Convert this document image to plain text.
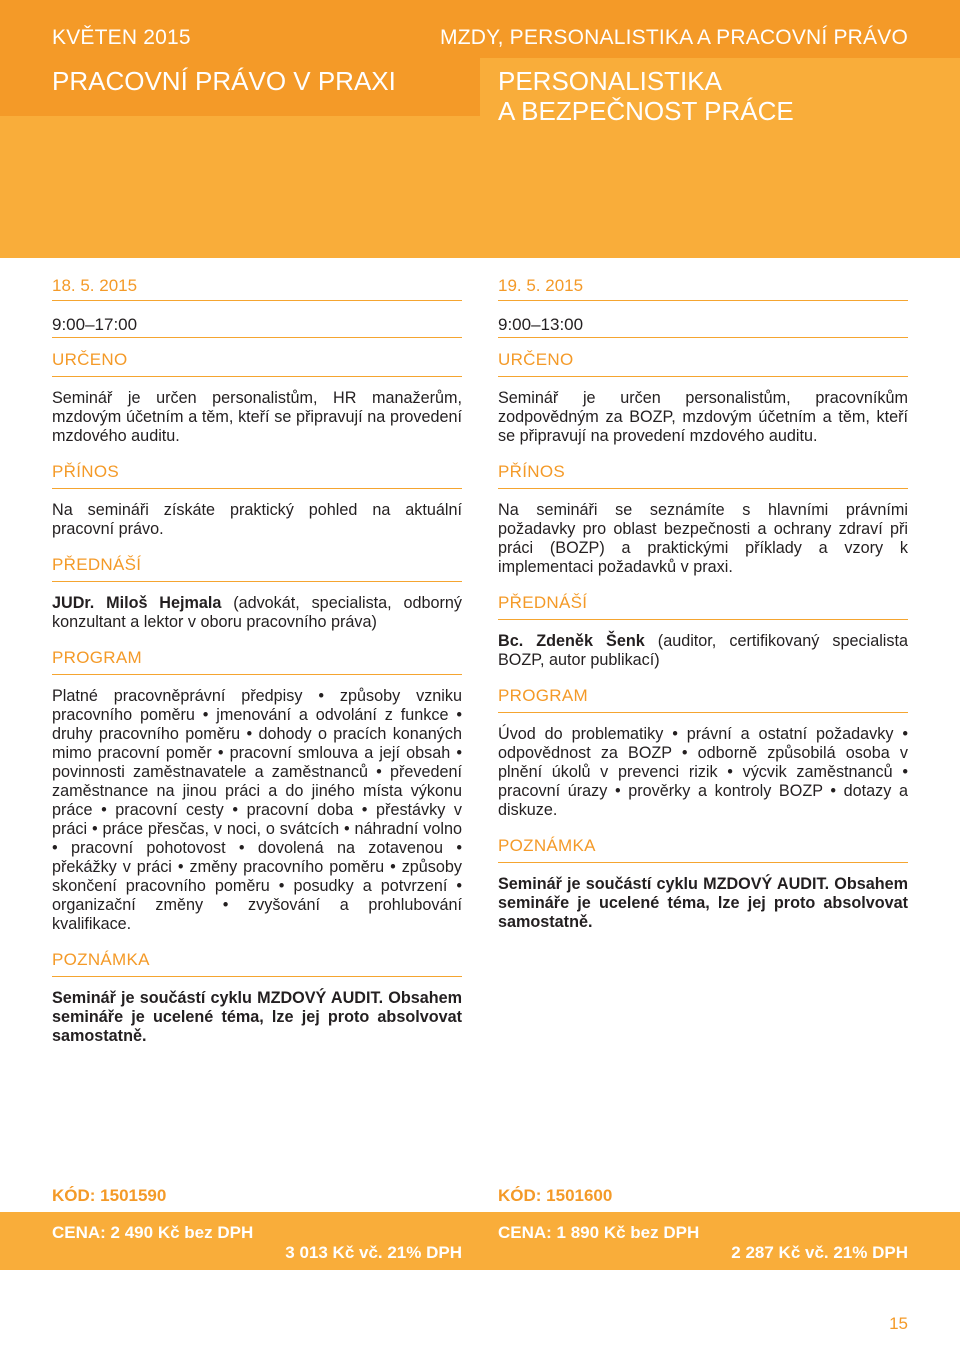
KVĚTEN 2015	MZDY, PERSONALISTIKA A PRACOVNÍ PRÁVO
PRACOVNÍ PRÁVO V PRAXI	PERSONALISTIKA
A BEZPEČNOST PRÁCE
18. 5. 2015
9:00–17:00
URČENO
Seminář je určen personalistům, HR manažerům, mzdovým účetním a těm, kteří se připravují na provedení mzdového auditu.
PŘÍNOS
Na semináři získáte praktický pohled na aktuální pracovní právo.
PŘEDNÁŠÍ
JUDr. Miloš Hejmala (advokát, specialista, odborný konzultant a lektor v oboru pracovního práva)
PROGRAM
Platné pracovněprávní předpisy • způsoby vzniku pracovního poměru • jmenování a odvolání z funkce • druhy pracovního poměru • dohody o pracích konaných mimo pracovní poměr • pracovní smlouva a její obsah • povinnosti zaměstnavatele a zaměstnanců • převedení zaměstnance na jinou práci a do jiného místa výkonu práce • pracovní cesty • pracovní doba • přestávky v práci • práce přesčas, v noci, o svátcích • náhradní volno • pracovní pohotovost • dovolená na zotavenou • překážky v práci • změny pracovního poměru • způsoby skončení pracovního poměru • posudky a potvrzení • organizační změny • zvyšování a prohlubování kvalifikace.
POZNÁMKA
Seminář je součástí cyklu MZDOVÝ AUDIT. Obsahem semináře je ucelené téma, lze jej proto absolvovat samostatně.
19. 5. 2015
9:00–13:00
URČENO
Seminář je určen personalistům, pracovníkům zodpovědným za BOZP, mzdovým účetním a těm, kteří se připravují na provedení mzdového auditu.
PŘÍNOS
Na semináři se seznámíte s hlavními právními požadavky pro oblast bezpečnosti a ochrany zdraví při práci (BOZP) a praktickými příklady a vzory k implementaci požadavků v praxi.
PŘEDNÁŠÍ
Bc. Zdeněk Šenk (auditor, certifikovaný specialista BOZP, autor publikací)
PROGRAM
Úvod do problematiky • právní a ostatní požadavky • odpovědnost za BOZP • odborně způsobilá osoba v plnění úkolů v prevenci rizik • výcvik zaměstnanců • pracovní úrazy • prověrky a kontroly BOZP • dotazy a diskuze.
POZNÁMKA
Seminář je součástí cyklu MZDOVÝ AUDIT. Obsahem semináře je ucelené téma, lze jej proto absolvovat samostatně.
KÓD: 1501590	KÓD: 1501600
CENA: 2 490 Kč bez DPH
3 013 Kč vč. 21% DPH
CENA: 1 890 Kč bez DPH
2 287 Kč vč. 21% DPH
15
